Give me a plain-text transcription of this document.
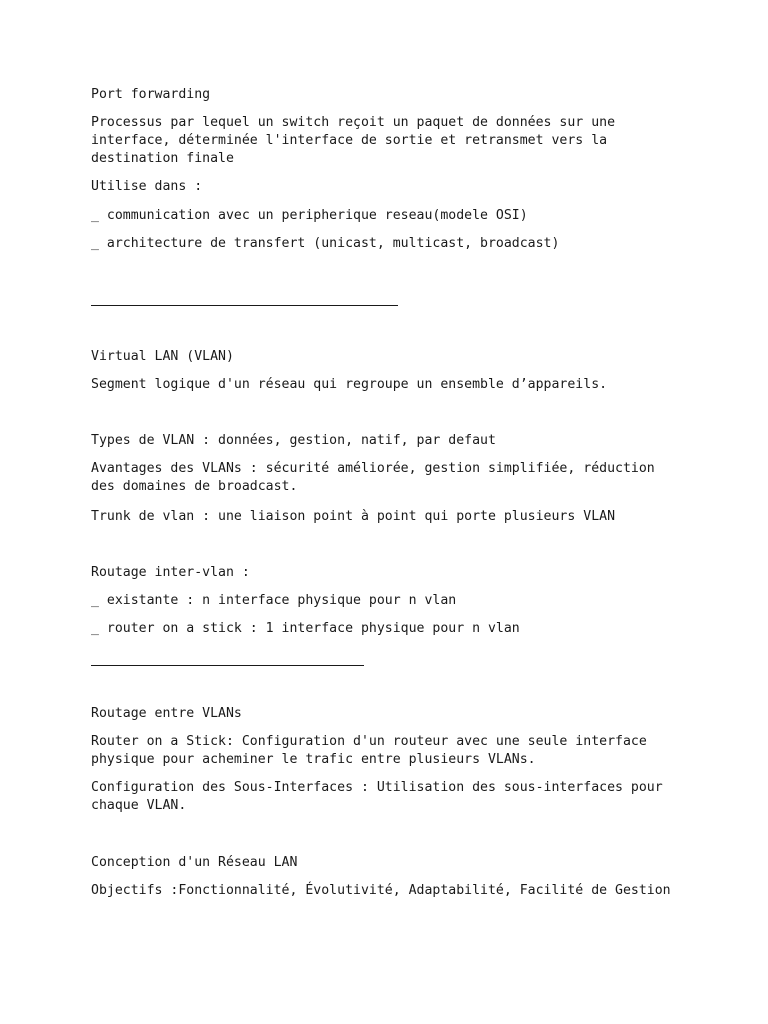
Port forwarding

Processus par lequel un switch reçoit un paquet de données sur une interface, déterminée l'interface de sortie et retransmet vers la destination finale

Utilise dans :

_ communication avec un peripherique reseau(modele OSI)

_ architecture de transfert (unicast, multicast, broadcast)

Virtual LAN (VLAN)

Segment logique d'un réseau qui regroupe un ensemble d’appareils.

Types de VLAN : données, gestion, natif, par defaut

Avantages des VLANs : sécurité améliorée, gestion simplifiée, réduction des domaines de broadcast.

Trunk de vlan : une liaison point à point qui porte plusieurs VLAN

Routage inter-vlan :

_ existante : n interface physique pour n vlan

_ router on a stick : 1 interface physique pour n vlan

Routage entre VLANs

Router on a Stick: Configuration d'un routeur avec une seule interface physique pour acheminer le trafic entre plusieurs VLANs.

Configuration des Sous-Interfaces : Utilisation des sous-interfaces pour chaque VLAN.

Conception d'un Réseau LAN

Objectifs :Fonctionnalité, Évolutivité, Adaptabilité, Facilité de Gestion
